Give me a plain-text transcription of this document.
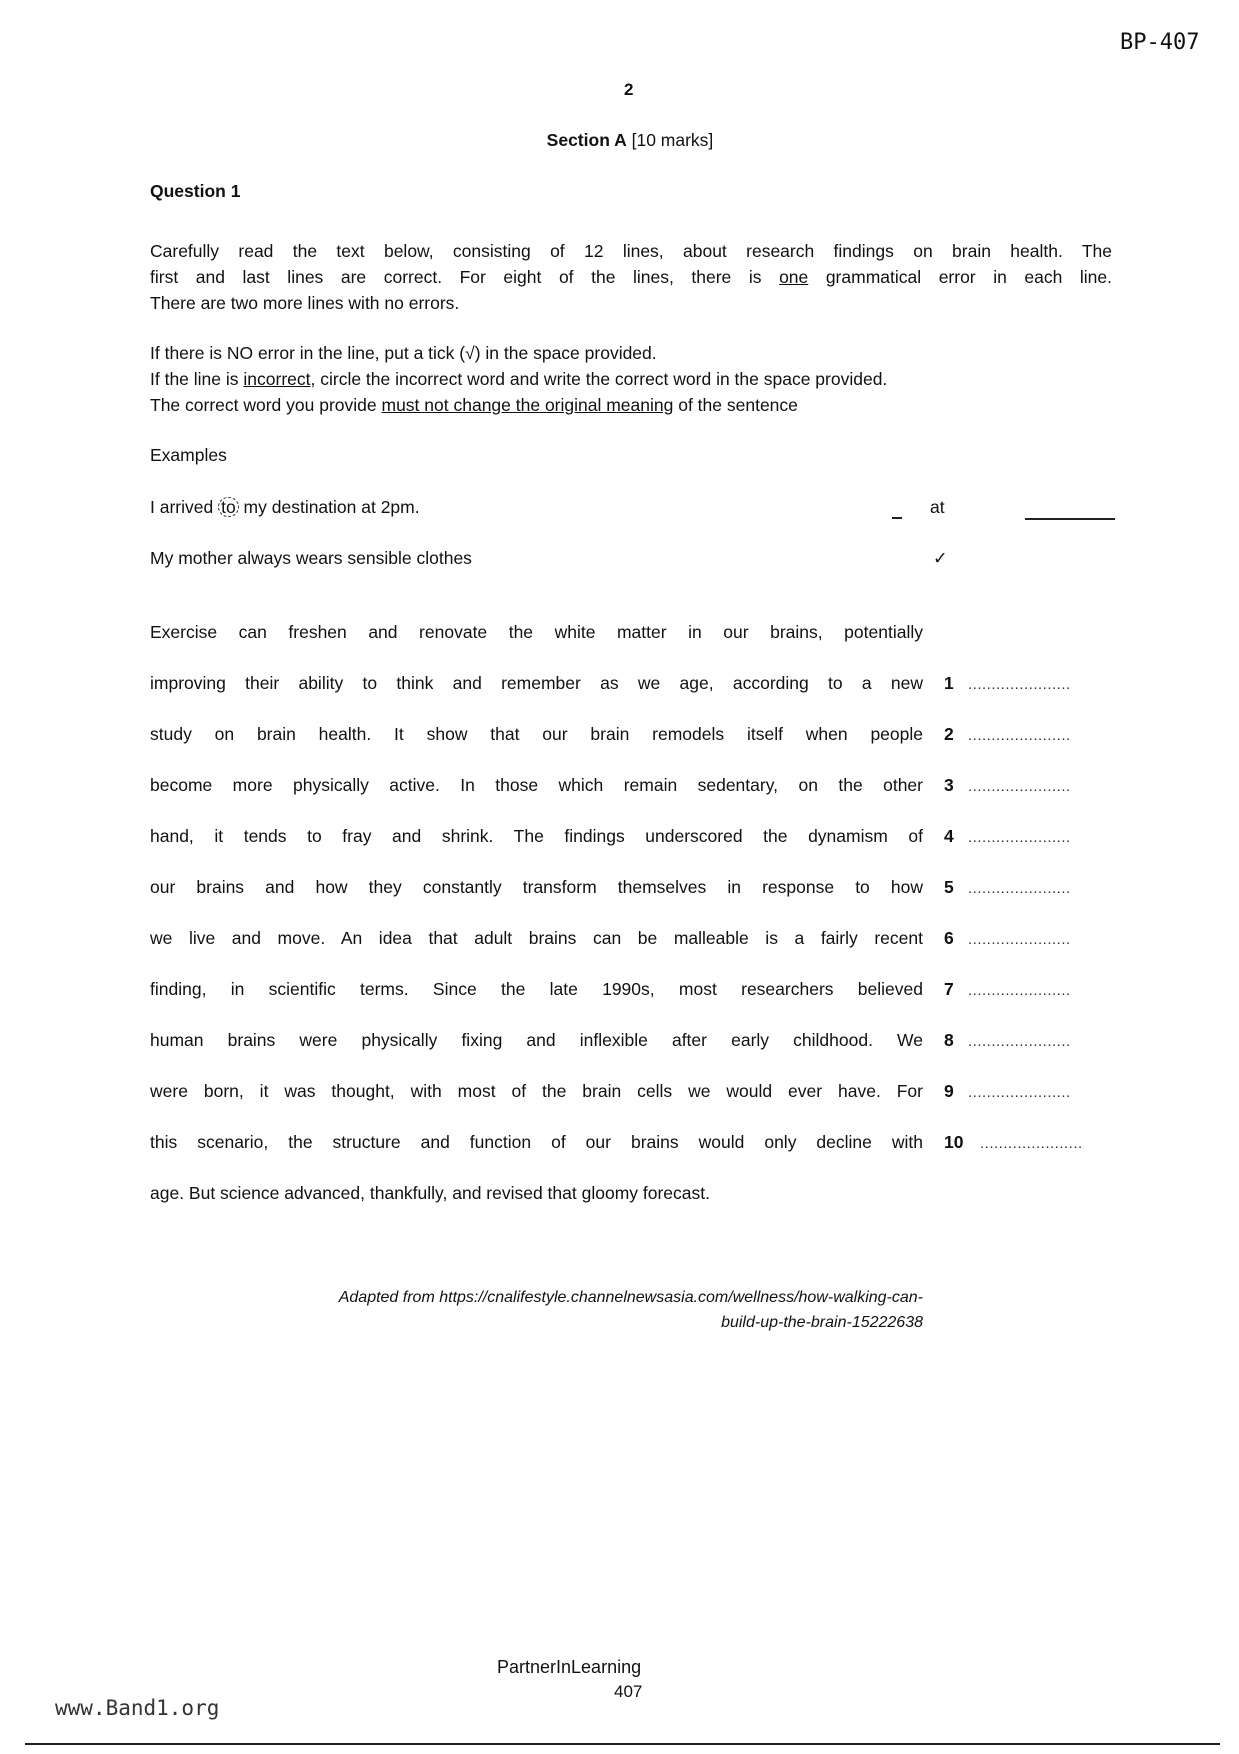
BP-407
2
Section A [10 marks]
Question 1
Carefully read the text below, consisting of 12 lines, about research findings on brain health. The
first and last lines are correct. For eight of the lines, there is one grammatical error in each line.
There are two more lines with no errors.
If there is NO error in the line, put a tick (√) in the space provided.
If the line is incorrect, circle the incorrect word and write the correct word in the space provided.
The correct word you provide must not change the original meaning of the sentence
Examples
I arrived to my destination at 2pm.	at
My mother always wears sensible clothes	✓
Exercise can freshen and renovate the white matter in our brains, potentially
improving their ability to think and remember as we age, according to a new 1 ......................
study on brain health. It show that our brain remodels itself when people 2 ......................
become more physically active. In those which remain sedentary, on the other 3 ......................
hand, it tends to fray and shrink. The findings underscored the dynamism of 4 ......................
our brains and how they constantly transform themselves in response to how 5 ......................
we live and move. An idea that adult brains can be malleable is a fairly recent 6 ......................
finding, in scientific terms. Since the late 1990s, most researchers believed 7 ......................
human brains were physically fixing and inflexible after early childhood. We 8 ......................
were born, it was thought, with most of the brain cells we would ever have. For 9 ......................
this scenario, the structure and function of our brains would only decline with 10 ......................
age. But science advanced, thankfully, and revised that gloomy forecast.
Adapted from https://cnalifestyle.channelnewsasia.com/wellness/how-walking-can-
build-up-the-brain-15222638
PartnerInLearning
407
www.Band1.org
